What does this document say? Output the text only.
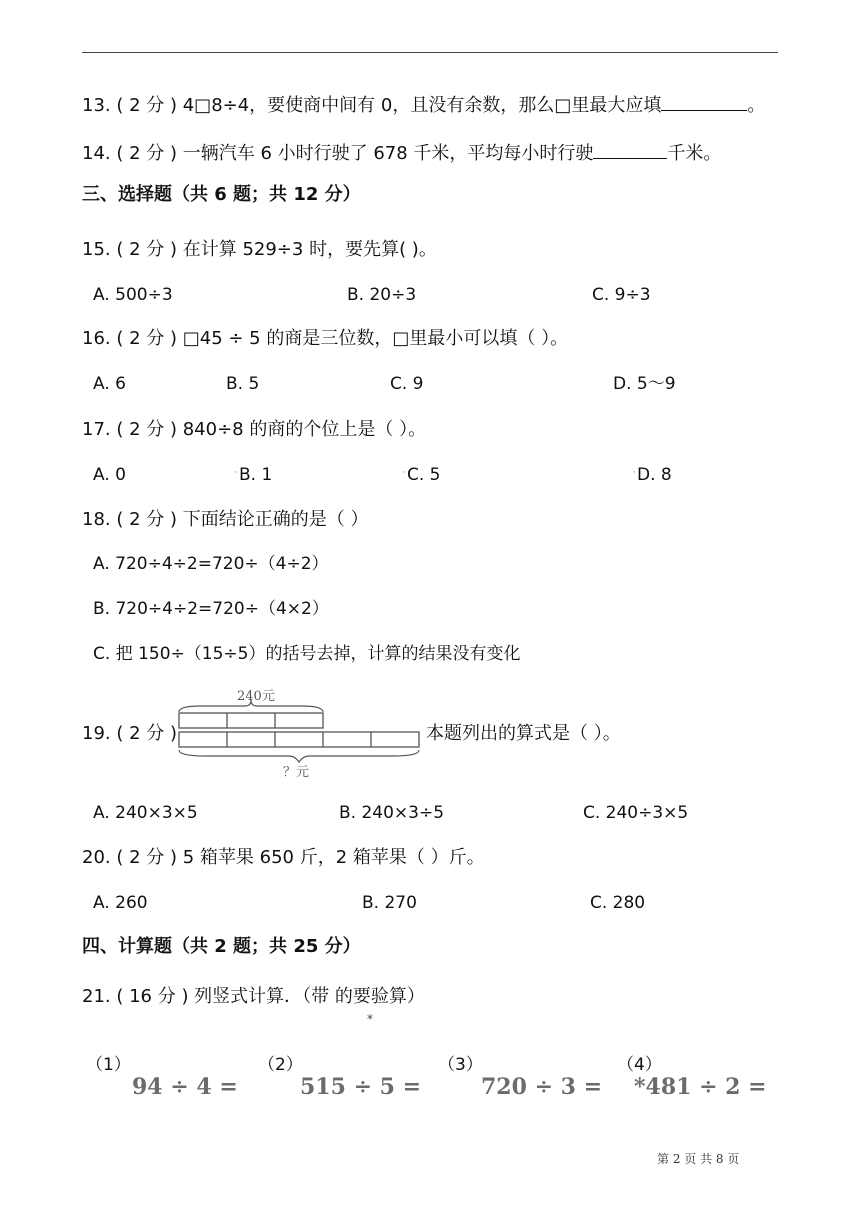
13. ( 2 分 ) 4□8÷4，要使商中间有 0，且没有余数，那么□里最大应填	。
14. ( 2 分 ) 一辆汽车 6 小时行驶了 678 千米，平均每小时行驶	千米。
三、选择题（共 6 题；共 12 分）
15. ( 2 分 ) 在计算 529÷3 时，要先算( )。
A. 500÷3	B. 20÷3	C. 9÷3
16. ( 2 分 ) □45 ÷ 5 的商是三位数，□里最小可以填（ ）。
A. 6	B. 5	C. 9	D. 5～9
17. ( 2 分 ) 840÷8 的商的个位上是（ ）。
A. 0	· B. 1	· C. 5	· D. 8
18. ( 2 分 ) 下面结论正确的是（ ）
A. 720÷4÷2=720÷（4÷2）
B. 720÷4÷2=720÷（4×2）
C. 把 150÷（15÷5）的括号去掉，计算的结果没有变化
19. ( 2 分 )
240元
？元
本题列出的算式是（ ）。
A. 240×3×5	B. 240×3÷5	C. 240÷3×5
20. ( 2 分 ) 5 箱苹果 650 斤，2 箱苹果（ ）斤。
A. 260	B. 270	C. 280
四、计算题（共 2 题；共 25 分）
21. ( 16 分 ) 列竖式计算．（带 的要验算）
*
（1）
94 ÷ 4 =
（2）
515 ÷ 5 =
（3）
720 ÷ 3 =
（4）
*481 ÷ 2 =
第 2 页 共 8 页
